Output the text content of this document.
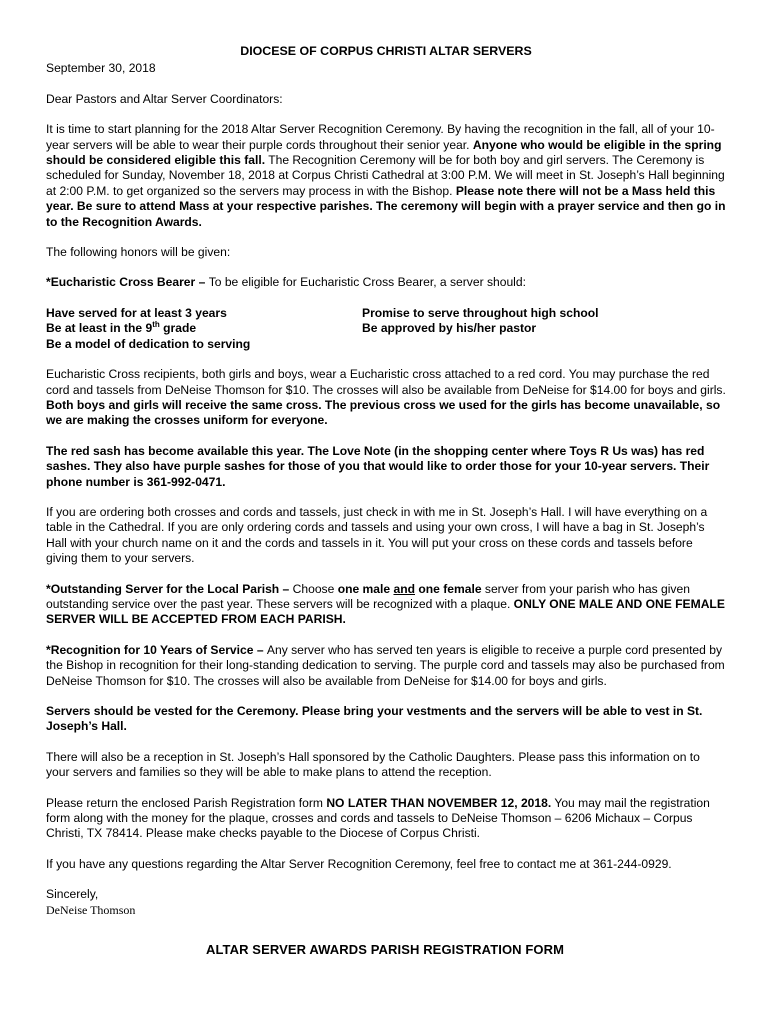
DIOCESE OF CORPUS CHRISTI ALTAR SERVERS
September 30, 2018

Dear Pastors and Altar Server Coordinators:

It is time to start planning for the 2018 Altar Server Recognition Ceremony. By having the recognition in the fall, all of your 10-year servers will be able to wear their purple cords throughout their senior year. Anyone who would be eligible in the spring should be considered eligible this fall. The Recognition Ceremony will be for both boy and girl servers. The Ceremony is scheduled for Sunday, November 18, 2018 at Corpus Christi Cathedral at 3:00 P.M. We will meet in St. Joseph’s Hall beginning at 2:00 P.M. to get organized so the servers may process in with the Bishop. Please note there will not be a Mass held this year. Be sure to attend Mass at your respective parishes. The ceremony will begin with a prayer service and then go in to the Recognition Awards.

The following honors will be given:

*Eucharistic Cross Bearer – To be eligible for Eucharistic Cross Bearer, a server should:

Have served for at least 3 years
Be at least in the 9th grade
Be a model of dedication to serving
Promise to serve throughout high school
Be approved by his/her pastor

Eucharistic Cross recipients, both girls and boys, wear a Eucharistic cross attached to a red cord. You may purchase the red cord and tassels from DeNeise Thomson for $10. The crosses will also be available from DeNeise for $14.00 for boys and girls. Both boys and girls will receive the same cross. The previous cross we used for the girls has become unavailable, so we are making the crosses uniform for everyone.

The red sash has become available this year. The Love Note (in the shopping center where Toys R Us was) has red sashes. They also have purple sashes for those of you that would like to order those for your 10-year servers. Their phone number is 361-992-0471.

If you are ordering both crosses and cords and tassels, just check in with me in St. Joseph’s Hall. I will have everything on a table in the Cathedral. If you are only ordering cords and tassels and using your own cross, I will have a bag in St. Joseph’s Hall with your church name on it and the cords and tassels in it. You will put your cross on these cords and tassels before giving them to your servers.

*Outstanding Server for the Local Parish – Choose one male and one female server from your parish who has given outstanding service over the past year. These servers will be recognized with a plaque. ONLY ONE MALE AND ONE FEMALE SERVER WILL BE ACCEPTED FROM EACH PARISH.

*Recognition for 10 Years of Service – Any server who has served ten years is eligible to receive a purple cord presented by the Bishop in recognition for their long-standing dedication to serving. The purple cord and tassels may also be purchased from DeNeise Thomson for $10. The crosses will also be available from DeNeise for $14.00 for boys and girls.

Servers should be vested for the Ceremony. Please bring your vestments and the servers will be able to vest in St. Joseph’s Hall.

There will also be a reception in St. Joseph’s Hall sponsored by the Catholic Daughters. Please pass this information on to your servers and families so they will be able to make plans to attend the reception.

Please return the enclosed Parish Registration form NO LATER THAN NOVEMBER 12, 2018. You may mail the registration form along with the money for the plaque, crosses and cords and tassels to DeNeise Thomson – 6206 Michaux – Corpus Christi, TX 78414. Please make checks payable to the Diocese of Corpus Christi.

If you have any questions regarding the Altar Server Recognition Ceremony, feel free to contact me at 361-244-0929.

Sincerely,
DeNeise Thomson
ALTAR SERVER AWARDS PARISH REGISTRATION FORM
